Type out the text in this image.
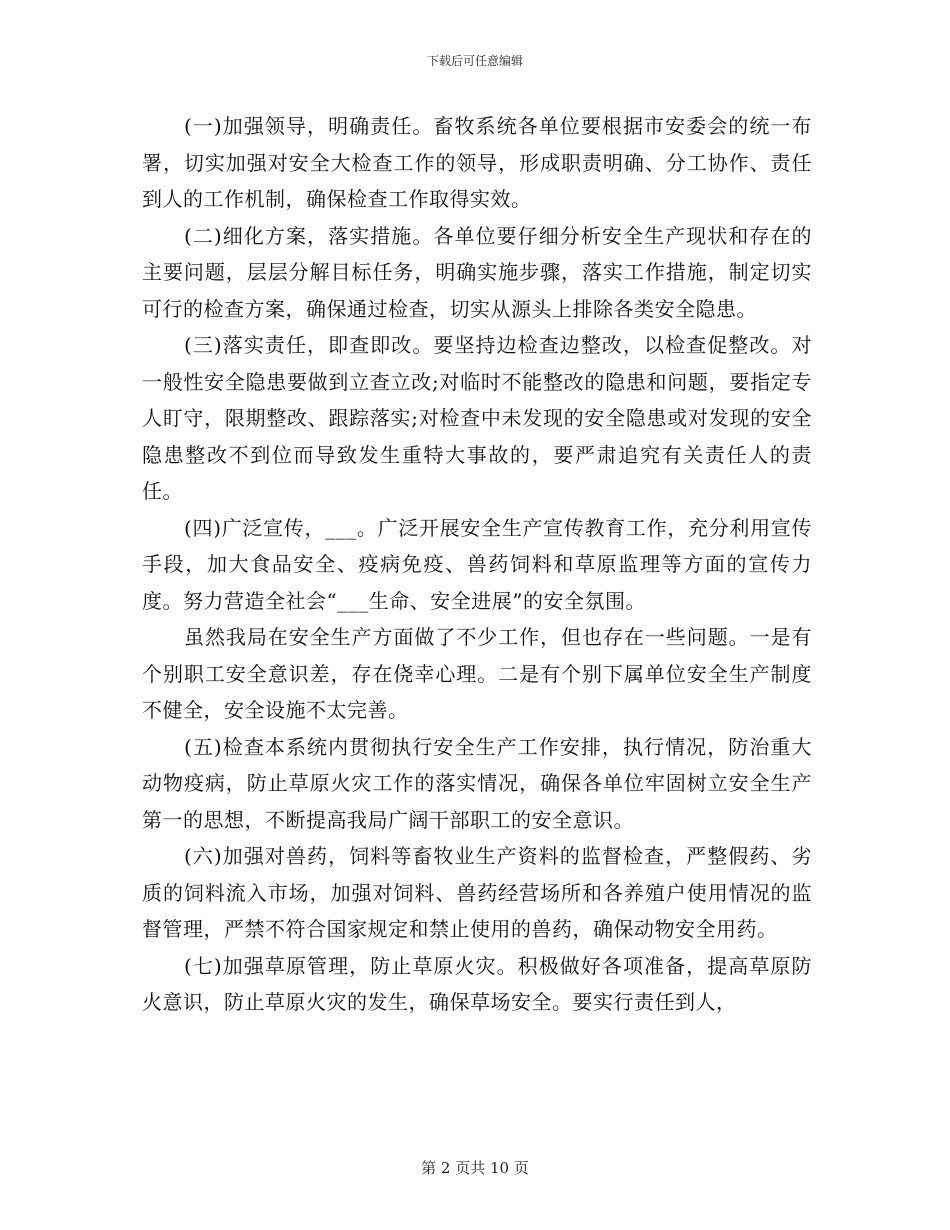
下载后可任意编辑

(一)加强领导，明确责任。畜牧系统各单位要根据市安委会的统一布署，切实加强对安全大检查工作的领导，形成职责明确、分工协作、责任到人的工作机制，确保检查工作取得实效。

(二)细化方案，落实措施。各单位要仔细分析安全生产现状和存在的主要问题，层层分解目标任务，明确实施步骤，落实工作措施，制定切实可行的检查方案，确保通过检查，切实从源头上排除各类安全隐患。

(三)落实责任，即查即改。要坚持边检查边整改，以检查促整改。对一般性安全隐患要做到立查立改;对临时不能整改的隐患和问题，要指定专人盯守，限期整改、跟踪落实;对检查中未发现的安全隐患或对发现的安全隐患整改不到位而导致发生重特大事故的，要严肃追究有关责任人的责任。

(四)广泛宣传，___。广泛开展安全生产宣传教育工作，充分利用宣传手段，加大食品安全、疫病免疫、兽药饲料和草原监理等方面的宣传力度。努力营造全社会“___生命、安全进展”的安全氛围。

虽然我局在安全生产方面做了不少工作，但也存在一些问题。一是有个别职工安全意识差，存在侥幸心理。二是有个别下属单位安全生产制度不健全，安全设施不太完善。

(五)检查本系统内贯彻执行安全生产工作安排，执行情况，防治重大动物疫病，防止草原火灾工作的落实情况，确保各单位牢固树立安全生产第一的思想，不断提高我局广阔干部职工的安全意识。

(六)加强对兽药，饲料等畜牧业生产资料的监督检查，严整假药、劣质的饲料流入市场，加强对饲料、兽药经营场所和各养殖户使用情况的监督管理，严禁不符合国家规定和禁止使用的兽药，确保动物安全用药。

(七)加强草原管理，防止草原火灾。积极做好各项准备，提高草原防火意识，防止草原火灾的发生，确保草场安全。要实行责任到人，

第 2 页共 10 页
